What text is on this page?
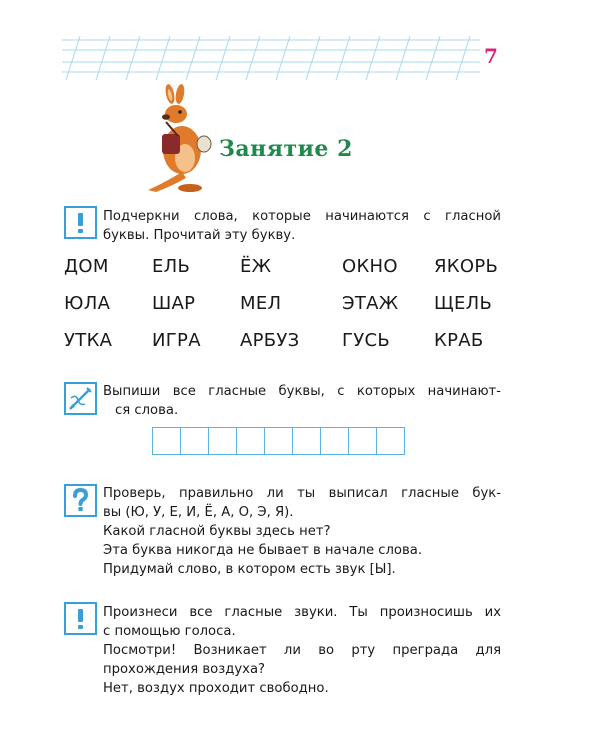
7
Занятие 2
Подчеркни слова, которые начинаются с гласной
буквы. Прочитай эту букву.
ДОМ ЕЛЬ	ЁЖ	ОКНО ЯКОРЬ
ЮЛА ШАР МЕЛ	ЭТАЖ ЩЕЛЬ
УТКА ИГРА АРБУЗ ГУСЬ КРАБ
Выпиши все гласные буквы, с которых начинают-
ся слова.
Проверь, правильно ли ты выписал гласные бук-
вы (Ю, У, Е, И, Ё, А, О, Э, Я).
Какой гласной буквы здесь нет?
Эта буква никогда не бывает в начале слова.
Придумай слово, в котором есть звук [Ы].
Произнеси все гласные звуки. Ты произносишь их
с помощью голоса.
Посмотри! Возникает ли во рту преграда для
прохождения воздуха?
Нет, воздух проходит свободно.
